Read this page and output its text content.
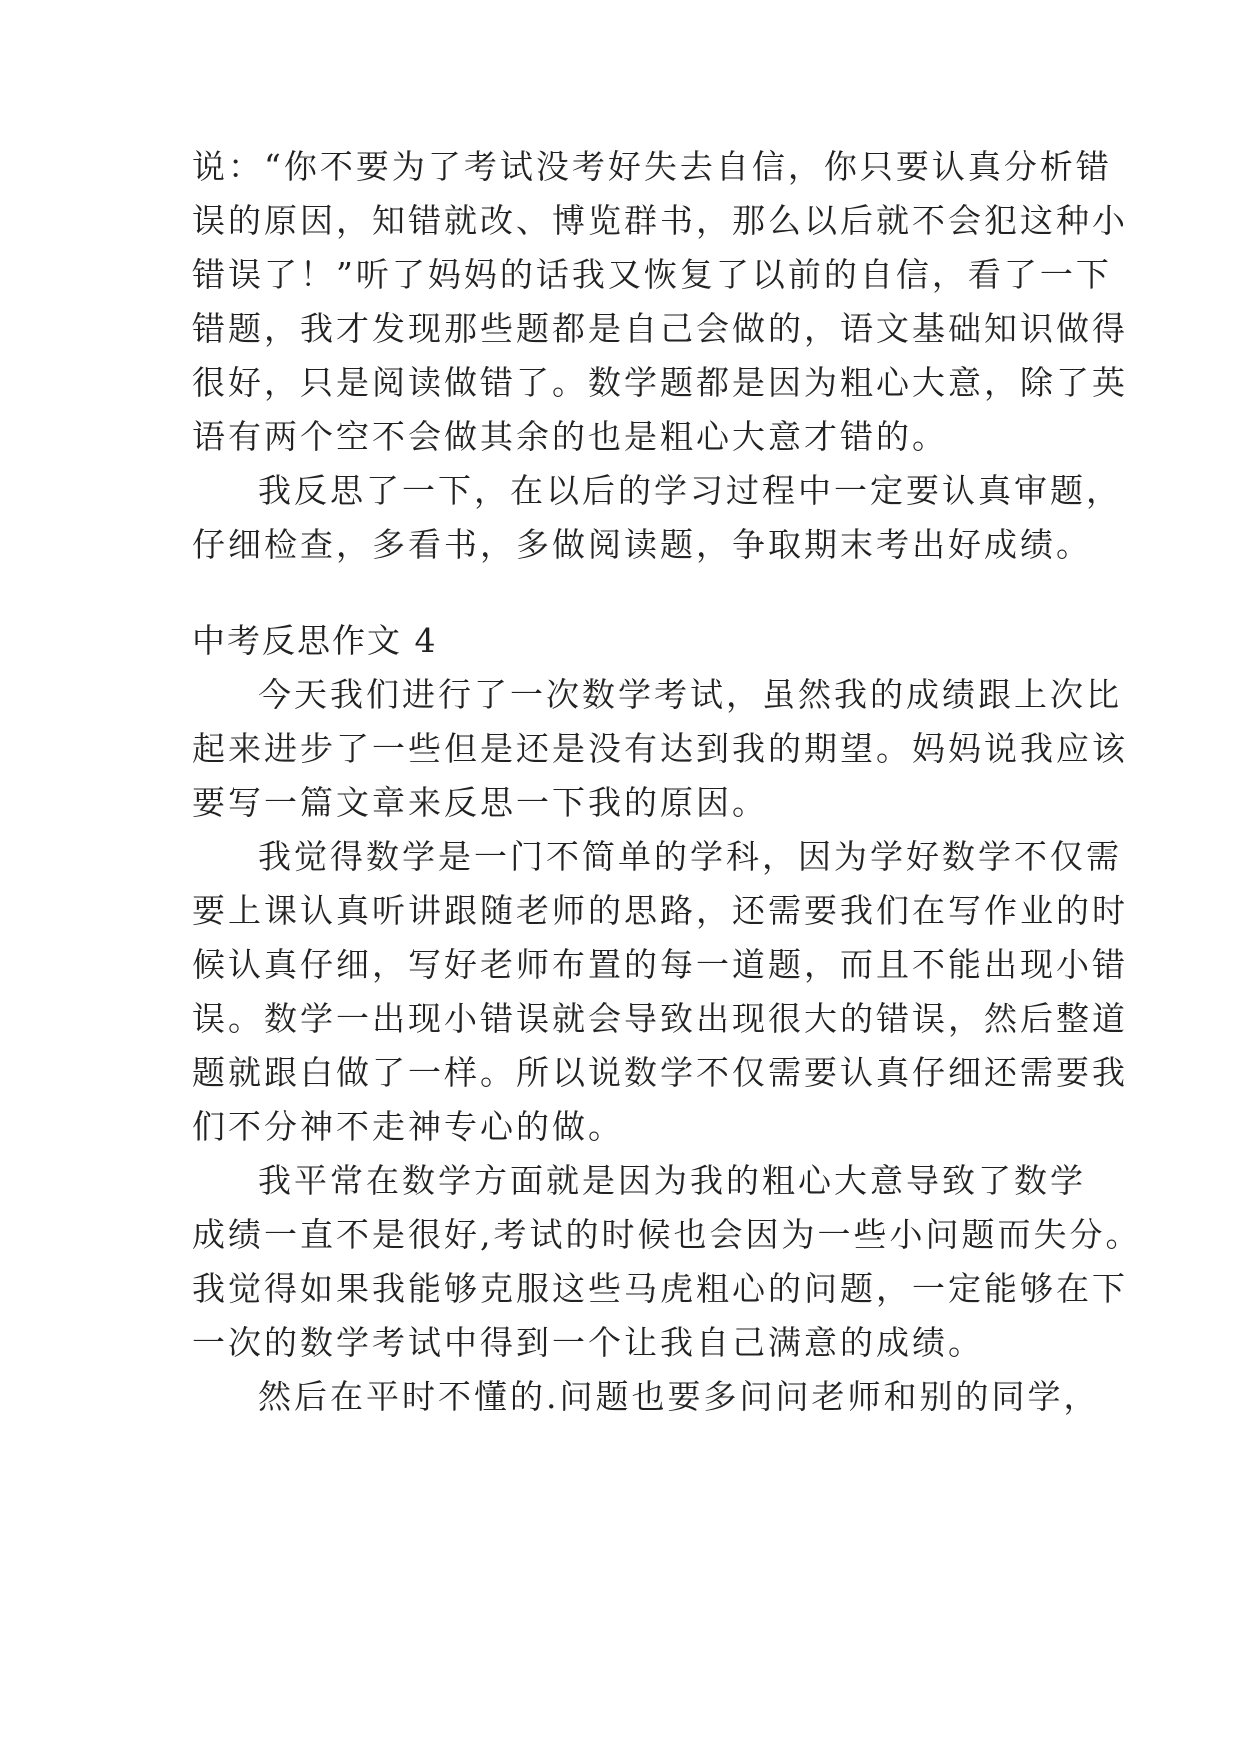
说：“你不要为了考试没考好失去自信，你只要认真分析错
误的原因，知错就改、博览群书，那么以后就不会犯这种小
错误了！”听了妈妈的话我又恢复了以前的自信，看了一下
错题，我才发现那些题都是自己会做的，语文基础知识做得
很好，只是阅读做错了。数学题都是因为粗心大意，除了英
语有两个空不会做其余的也是粗心大意才错的。
我反思了一下，在以后的学习过程中一定要认真审题，
仔细检查，多看书，多做阅读题，争取期末考出好成绩。
中考反思作文 4
今天我们进行了一次数学考试，虽然我的成绩跟上次比
起来进步了一些但是还是没有达到我的期望。妈妈说我应该
要写一篇文章来反思一下我的原因。
我觉得数学是一门不简单的学科，因为学好数学不仅需
要上课认真听讲跟随老师的思路，还需要我们在写作业的时
候认真仔细，写好老师布置的每一道题，而且不能出现小错
误。数学一出现小错误就会导致出现很大的错误，然后整道
题就跟白做了一样。所以说数学不仅需要认真仔细还需要我
们不分神不走神专心的做。
我平常在数学方面就是因为我的粗心大意导致了数学
成绩一直不是很好,考试的时候也会因为一些小问题而失分。
我觉得如果我能够克服这些马虎粗心的问题，一定能够在下
一次的数学考试中得到一个让我自己满意的成绩。
然后在平时不懂的.问题也要多问问老师和别的同学，
